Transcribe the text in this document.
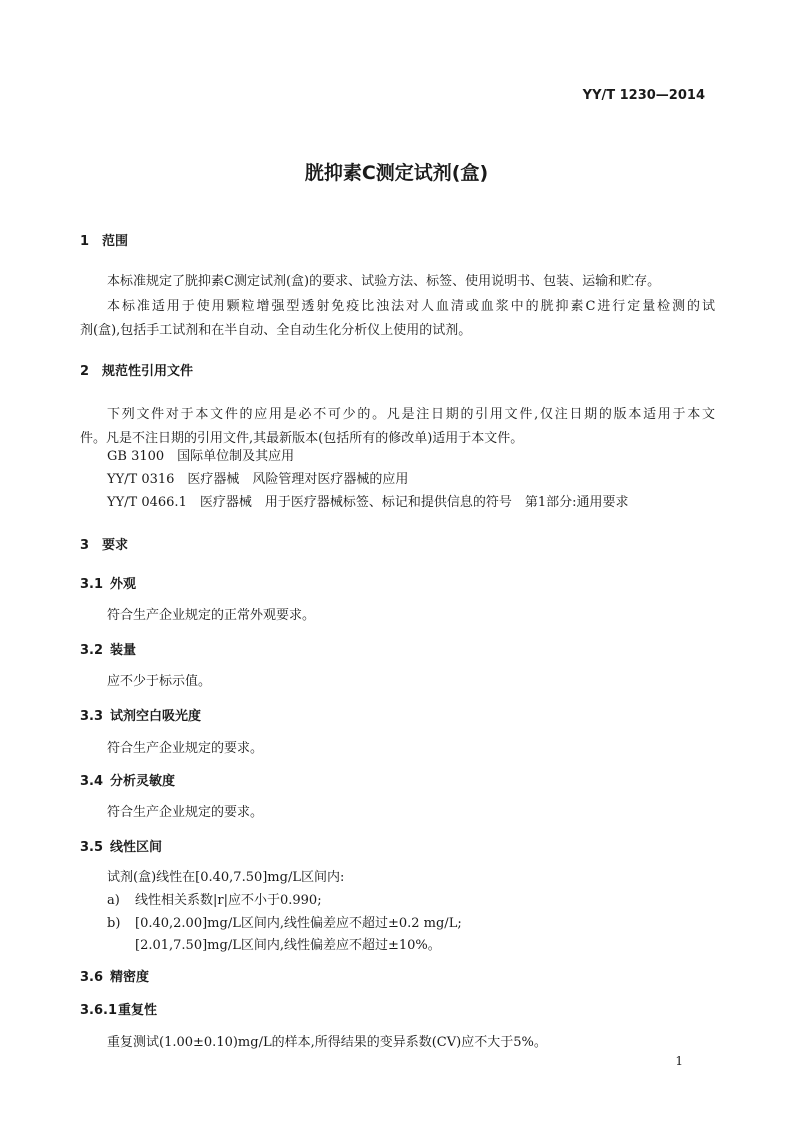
YY/T 1230—2014
胱抑素C测定试剂(盒)
1 范围
本标准规定了胱抑素C测定试剂(盒)的要求、试验方法、标签、使用说明书、包装、运输和贮存。
本标准适用于使用颗粒增强型透射免疫比浊法对人血清或血浆中的胱抑素C进行定量检测的试
剂(盒),包括手工试剂和在半自动、全自动生化分析仪上使用的试剂。
2 规范性引用文件
下列文件对于本文件的应用是必不可少的。凡是注日期的引用文件,仅注日期的版本适用于本文
件。凡是不注日期的引用文件,其最新版本(包括所有的修改单)适用于本文件。
GB 3100　国际单位制及其应用
YY/T 0316　医疗器械　风险管理对医疗器械的应用
YY/T 0466.1　医疗器械　用于医疗器械标签、标记和提供信息的符号　第1部分:通用要求
3 要求
3.1 外观
符合生产企业规定的正常外观要求。
3.2 装量
应不少于标示值。
3.3 试剂空白吸光度
符合生产企业规定的要求。
3.4 分析灵敏度
符合生产企业规定的要求。
3.5 线性区间
试剂(盒)线性在[0.40,7.50]mg/L区间内:
a) 线性相关系数|r|应不小于0.990;
b) [0.40,2.00]mg/L区间内,线性偏差应不超过±0.2 mg/L;
[2.01,7.50]mg/L区间内,线性偏差应不超过±10%。
3.6 精密度
3.6.1重复性
重复测试(1.00±0.10)mg/L的样本,所得结果的变异系数(CV)应不大于5%。
1
